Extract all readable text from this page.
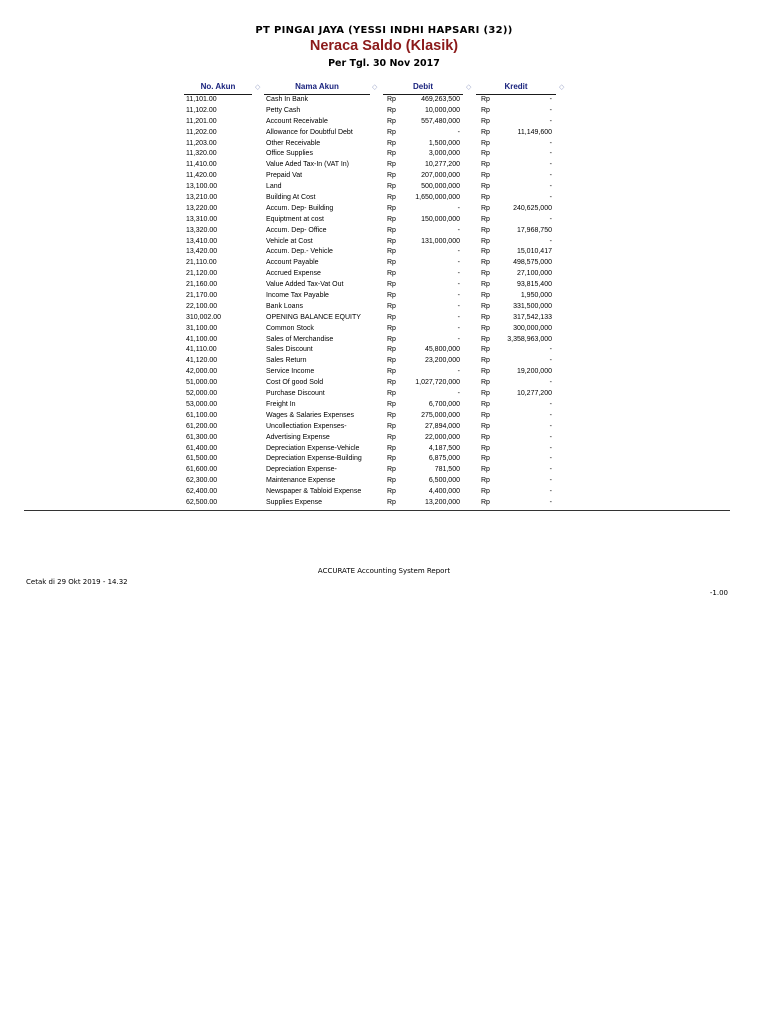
PT PINGAI JAYA (YESSI INDHI HAPSARI (32))
Neraca Saldo (Klasik)
Per Tgl. 30 Nov 2017
No. Akun	◇	Nama Akun	◇	Debit	◇	Kredit	◇
11,101.00	Cash In Bank	Rp	469,263,500	Rp	-
11,102.00	Petty Cash	Rp	10,000,000	Rp	-
11,201.00	Account Receivable	Rp	557,480,000	Rp	-
11,202.00	Allowance for Doubtful Debt	Rp	-	Rp	11,149,600
11,203.00	Other Receivable	Rp	1,500,000	Rp	-
11,320.00	Office Supplies	Rp	3,000,000	Rp	-
11,410.00	Value Aded Tax-In (VAT In)	Rp	10,277,200	Rp	-
11,420.00	Prepaid Vat	Rp	207,000,000	Rp	-
13,100.00	Land	Rp	500,000,000	Rp	-
13,210.00	Building At Cost	Rp	1,650,000,000	Rp	-
13,220.00	Accum. Dep- Building	Rp	-	Rp	240,625,000
13,310.00	Equiptment at cost	Rp	150,000,000	Rp	-
13,320.00	Accum. Dep- Office	Rp	-	Rp	17,968,750
13,410.00	Vehicle at Cost	Rp	131,000,000	Rp	-
13,420.00	Accum. Dep.- Vehicle	Rp	-	Rp	15,010,417
21,110.00	Account Payable	Rp	-	Rp	498,575,000
21,120.00	Accrued Expense	Rp	-	Rp	27,100,000
21,160.00	Value Added Tax-Vat Out	Rp	-	Rp	93,815,400
21,170.00	Income Tax Payable	Rp	-	Rp	1,950,000
22,100.00	Bank Loans	Rp	-	Rp	331,500,000
310,002.00	OPENING BALANCE EQUITY	Rp	-	Rp	317,542,133
31,100.00	Common Stock	Rp	-	Rp	300,000,000
41,100.00	Sales of Merchandise	Rp	-	Rp	3,358,963,000
41,110.00	Sales Discount	Rp	45,800,000	Rp	-
41,120.00	Sales Return	Rp	23,200,000	Rp	-
42,000.00	Service Income	Rp	-	Rp	19,200,000
51,000.00	Cost Of good Sold	Rp	1,027,720,000	Rp	-
52,000.00	Purchase Discount	Rp	-	Rp	10,277,200
53,000.00	Freight In	Rp	6,700,000	Rp	-
61,100.00	Wages & Salaries Expenses	Rp	275,000,000	Rp	-
61,200.00	Uncollectiation Expenses-	Rp	27,894,000	Rp	-
61,300.00	Advertising Expense	Rp	22,000,000	Rp	-
61,400.00	Depreciation Expense-Vehicle	Rp	4,187,500	Rp	-
61,500.00	Depreciation Expense-Building	Rp	6,875,000	Rp	-
61,600.00	Depreciation Expense-	Rp	781,500	Rp	-
62,300.00	Maintenance Expense	Rp	6,500,000	Rp	-
62,400.00	Newspaper & Tabloid Expense	Rp	4,400,000	Rp	-
62,500.00	Supplies Expense	Rp	13,200,000	Rp	-
ACCURATE Accounting System Report
Cetak di 29 Okt 2019 - 14.32
-1.00
